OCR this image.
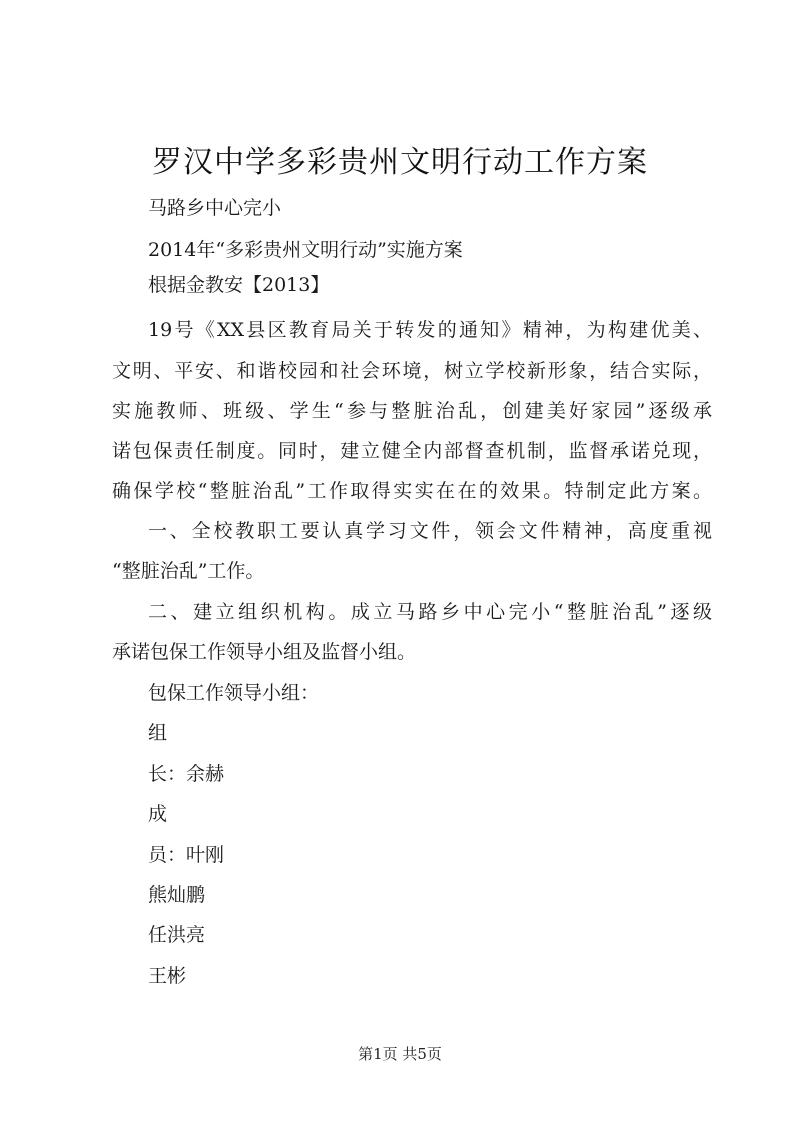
罗汉中学多彩贵州文明行动工作方案
马路乡中心完小
2014年“多彩贵州文明行动”实施方案
根据金教安【2013】
19号《XX县区教育局关于转发的通知》精神，为构建优美、
文明、平安、和谐校园和社会环境，树立学校新形象，结合实际，
实施教师、班级、学生“参与整脏治乱，创建美好家园”逐级承
诺包保责任制度。同时，建立健全内部督查机制，监督承诺兑现，
确保学校“整脏治乱”工作取得实实在在的效果。特制定此方案。
一、全校教职工要认真学习文件，领会文件精神，高度重视
“整脏治乱”工作。
二、建立组织机构。成立马路乡中心完小“整脏治乱”逐级
承诺包保工作领导小组及监督小组。
包保工作领导小组：
组
长：余赫
成
员：叶刚
熊灿鹏
任洪亮
王彬
第1页 共5页
